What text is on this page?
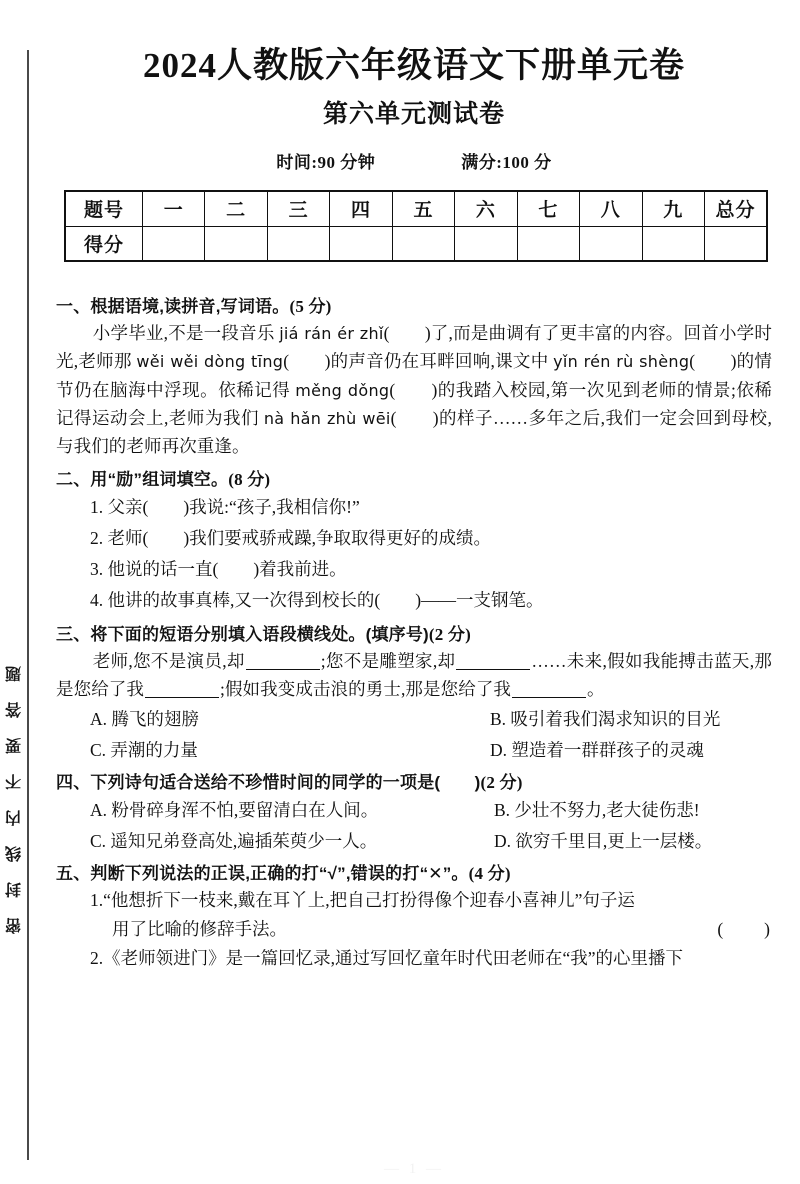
密
封
线
内
不
要
答
题
2024人教版六年级语文下册单元卷
第六单元测试卷
时间:90 分钟	满分:100 分
题号	一	二	三	四	五	六	七	八	九	总分
得分										

一、根据语境,读拼音,写词语。(5 分)

小学毕业,不是一段音乐 jiá rán ér zhǐ(　　)了,而是曲调有了更丰富的内容。回首小学时光,老师那 wěi wěi dòng tīng(　　)的声音仍在耳畔回响,课文中 yǐn rén rù shèng(　　)的情节仍在脑海中浮现。依稀记得 měng dǒng(　　)的我踏入校园,第一次见到老师的情景;依稀记得运动会上,老师为我们 nà hǎn zhù wēi(　　)的样子……多年之后,我们一定会回到母校,与我们的老师再次重逢。

二、用“励”组词填空。(8 分)

1. 父亲(　　)我说:“孩子,我相信你!”

2. 老师(　　)我们要戒骄戒躁,争取取得更好的成绩。

3. 他说的话一直(　　)着我前进。

4. 他讲的故事真棒,又一次得到校长的(　　)——一支钢笔。

三、将下面的短语分别填入语段横线处。(填序号)(2 分)

老师,您不是演员,却	;您不是雕塑家,却	……未来,假如我能搏击蓝天,那是您给了我	;假如我变成击浪的勇士,那是您给了我	。

A. 腾飞的翅膀	B. 吸引着我们渴求知识的目光
C. 弄潮的力量	D. 塑造着一群群孩子的灵魂

四、下列诗句适合送给不珍惜时间的同学的一项是(　　)(2 分)

A. 粉骨碎身浑不怕,要留清白在人间。	B. 少壮不努力,老大徒伤悲!
C. 遥知兄弟登高处,遍插茱萸少一人。	D. 欲穷千里目,更上一层楼。

五、判断下列说法的正误,正确的打“√”,错误的打“✕”。(4 分)

1.“他想折下一枝来,戴在耳丫上,把自己打扮得像个迎春小喜神儿”句子运
用了比喻的修辞手法。	(　　)
2.《老师领进门》是一篇回忆录,通过写回忆童年时代田老师在“我”的心里播下
— 1 —
